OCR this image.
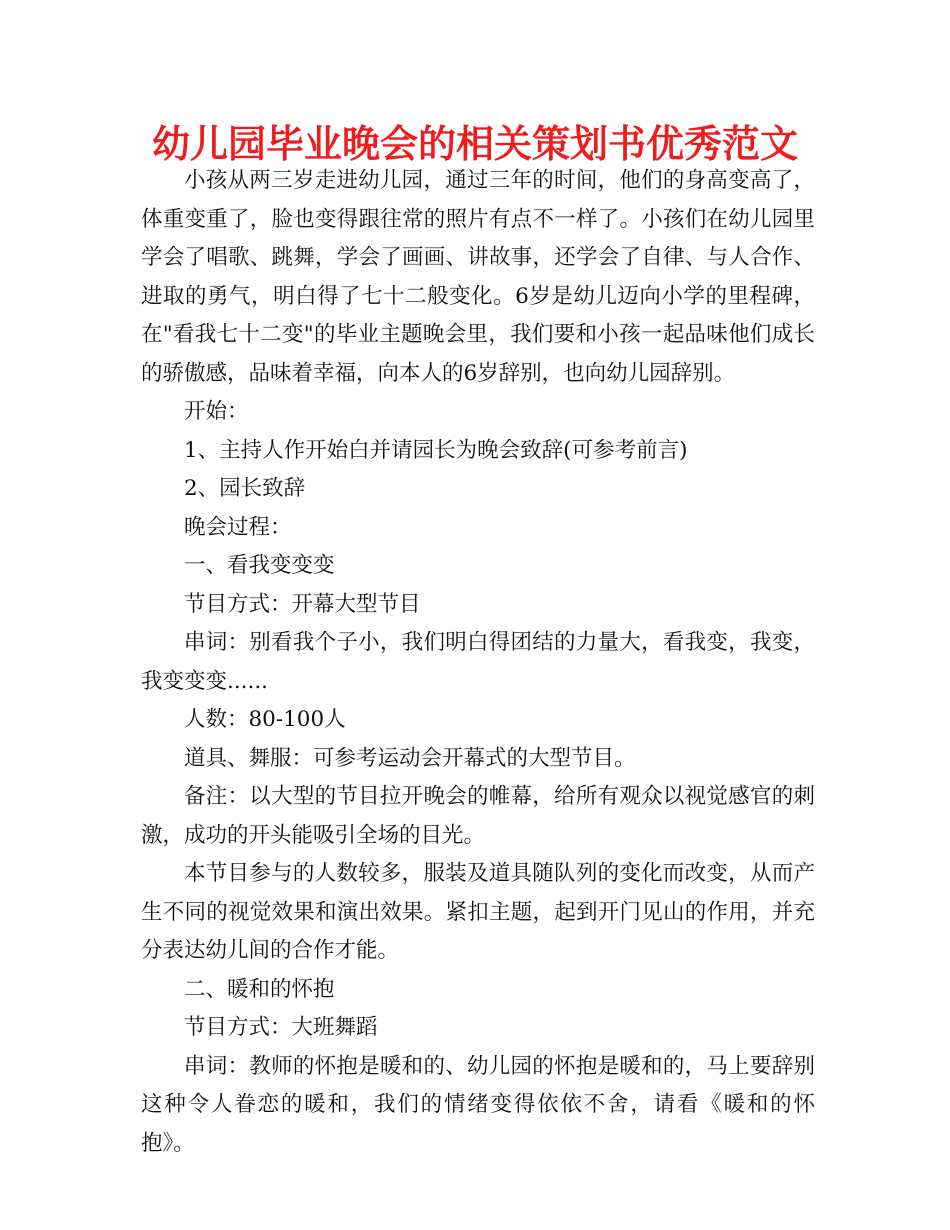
幼儿园毕业晚会的相关策划书优秀范文

小孩从两三岁走进幼儿园，通过三年的时间，他们的身高变高了，体重变重了，脸也变得跟往常的照片有点不一样了。小孩们在幼儿园里学会了唱歌、跳舞，学会了画画、讲故事，还学会了自律、与人合作、进取的勇气，明白得了七十二般变化。6岁是幼儿迈向小学的里程碑，在"看我七十二变"的毕业主题晚会里，我们要和小孩一起品味他们成长的骄傲感，品味着幸福，向本人的6岁辞别，也向幼儿园辞别。

开始：

1、主持人作开始白并请园长为晚会致辞(可参考前言)

2、园长致辞

晚会过程：

一、看我变变变

节目方式：开幕大型节目

串词：别看我个子小，我们明白得团结的力量大，看我变，我变，我变变变......

人数：80-100人

道具、舞服：可参考运动会开幕式的大型节目。

备注：以大型的节目拉开晚会的帷幕，给所有观众以视觉感官的刺激，成功的开头能吸引全场的目光。

本节目参与的人数较多，服装及道具随队列的变化而改变，从而产生不同的视觉效果和演出效果。紧扣主题，起到开门见山的作用，并充分表达幼儿间的合作才能。

二、暖和的怀抱

节目方式：大班舞蹈

串词：教师的怀抱是暖和的、幼儿园的怀抱是暖和的，马上要辞别这种令人眷恋的暖和，我们的情绪变得依依不舍，请看《暖和的怀抱》。
